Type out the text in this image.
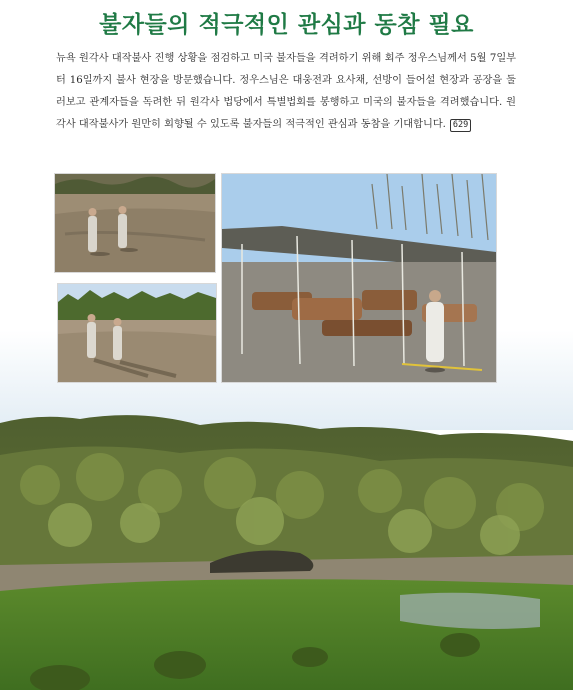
불자들의 적극적인 관심과 동참 필요

뉴욕 원각사 대작불사 진행 상황을 점검하고 미국 불자들을 격려하기 위해 회주 정우스님께서 5월 7일부터 16일까지 불사 현장을 방문했습니다. 정우스님은 대웅전과 요사채, 선방이 들어설 현장과 공장을 둘러보고 관계자들을 독려한 뒤 원각사 법당에서 특별법회를 봉행하고 미국의 불자들을 격려했습니다. 원각사 대작불사가 원만히 회향될 수 있도록 불자들의 적극적인 관심과 동참을 기대합니다. 629
